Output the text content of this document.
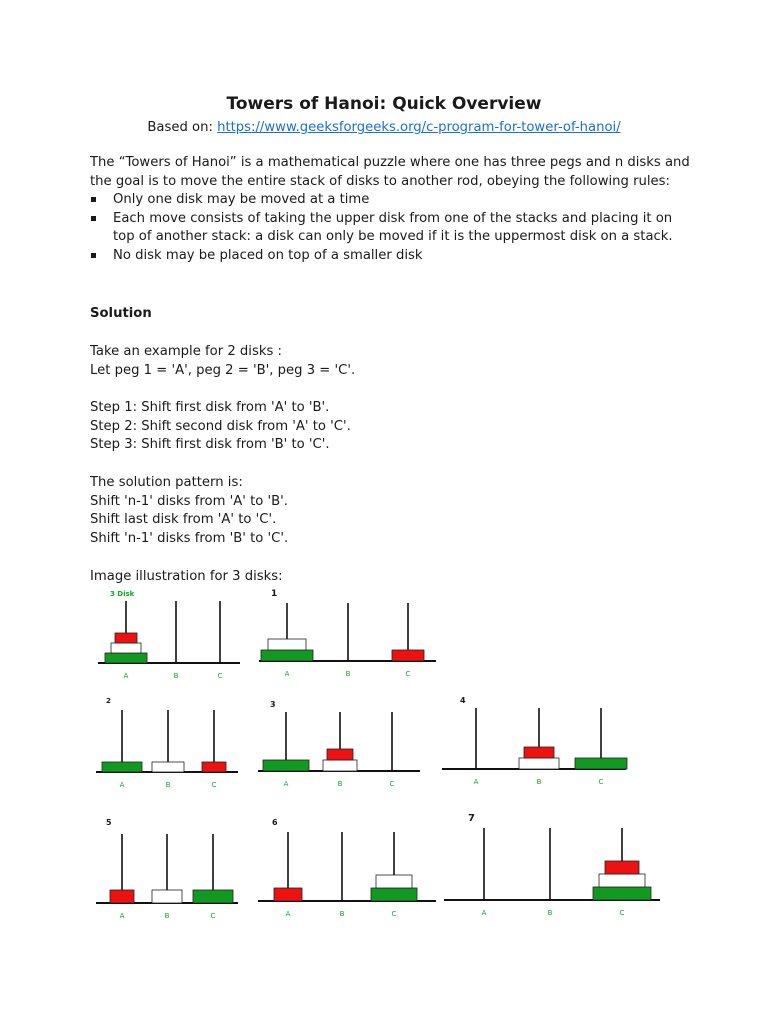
Towers of Hanoi: Quick Overview
Based on: https://www.geeksforgeeks.org/c-program-for-tower-of-hanoi/

The “Towers of Hanoi” is a mathematical puzzle where one has three pegs and n disks and the goal is to move the entire stack of disks to another rod, obeying the following rules:

Only one disk may be moved at a time
Each move consists of taking the upper disk from one of the stacks and placing it on top of another stack: a disk can only be moved if it is the uppermost disk on a stack.
No disk may be placed on top of a smaller disk
Solution
Take an example for 2 disks :
Let peg 1 = 'A', peg 2 = 'B', peg 3 = 'C'.
Step 1: Shift first disk from 'A' to 'B'.
Step 2: Shift second disk from 'A' to 'C'.
Step 3: Shift first disk from 'B' to 'C'.
The solution pattern is:
Shift 'n-1' disks from 'A' to 'B'.
Shift last disk from 'A' to 'C'.
Shift 'n-1' disks from 'B' to 'C'.
Image illustration for 3 disks:
3 Disk
A	B	C
1
A	B	C
2
A	B	C
3
A	B	C
4
A	B	C
5
A	B	C
6
A	B	C
7
A	B	C
